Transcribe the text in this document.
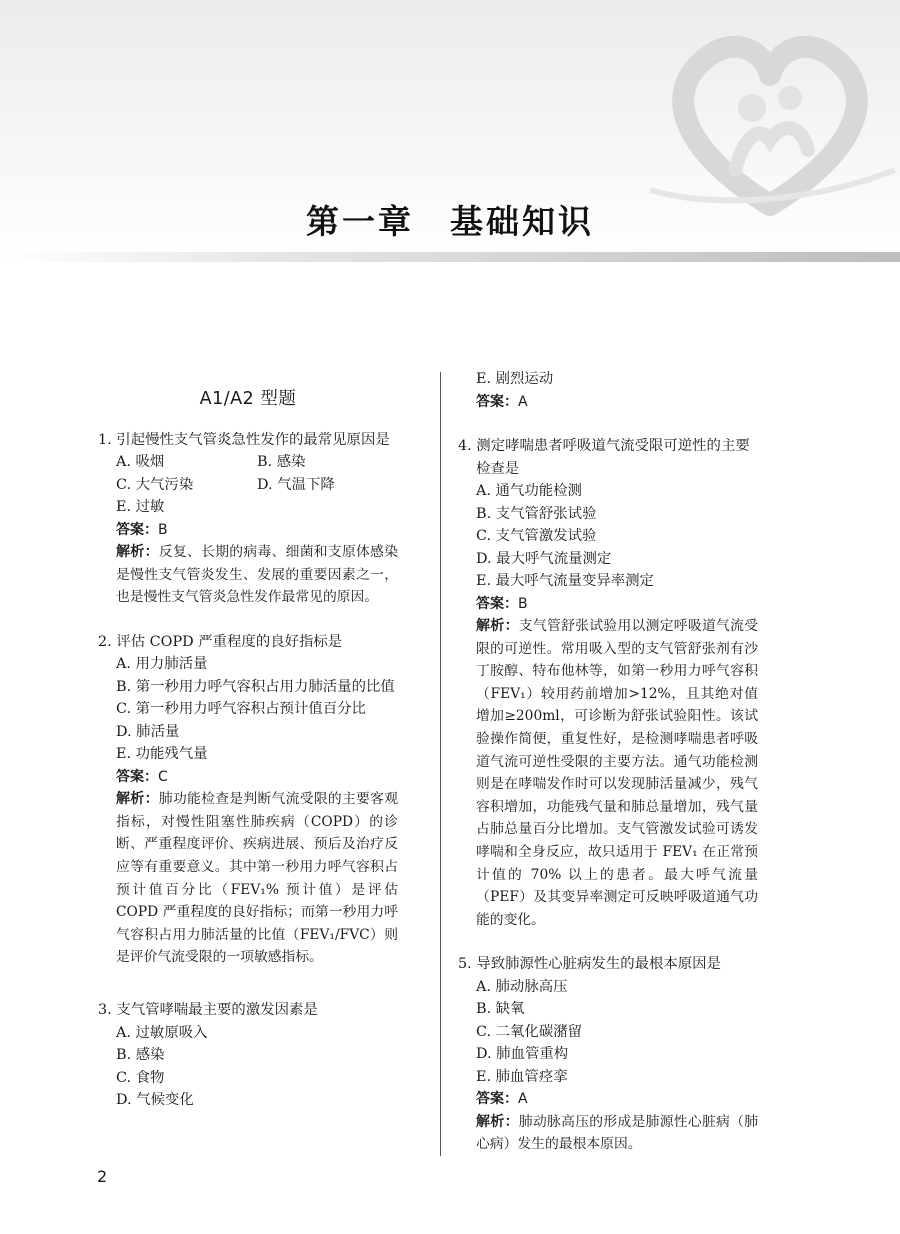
第一章　基础知识
A1/A2 型题
1. 引起慢性支气管炎急性发作的最常见原因是
A. 吸烟	B. 感染
C. 大气污染	D. 气温下降
E. 过敏
答案：B
解析：反复、长期的病毒、细菌和支原体感染是慢性支气管炎发生、发展的重要因素之一，也是慢性支气管炎急性发作最常见的原因。
2. 评估 COPD 严重程度的良好指标是
A. 用力肺活量
B. 第一秒用力呼气容积占用力肺活量的比值
C. 第一秒用力呼气容积占预计值百分比
D. 肺活量
E. 功能残气量
答案：C
解析：肺功能检查是判断气流受限的主要客观指标，对慢性阻塞性肺疾病（COPD）的诊断、严重程度评价、疾病进展、预后及治疗反应等有重要意义。其中第一秒用力呼气容积占预计值百分比（FEV₁% 预计值）是评估 COPD 严重程度的良好指标；而第一秒用力呼气容积占用力肺活量的比值（FEV₁/FVC）则是评价气流受限的一项敏感指标。
3. 支气管哮喘最主要的激发因素是
A. 过敏原吸入
B. 感染
C. 食物
D. 气候变化
E. 剧烈运动
答案：A
4. 测定哮喘患者呼吸道气流受限可逆性的主要检查是
A. 通气功能检测
B. 支气管舒张试验
C. 支气管激发试验
D. 最大呼气流量测定
E. 最大呼气流量变异率测定
答案：B
解析：支气管舒张试验用以测定呼吸道气流受限的可逆性。常用吸入型的支气管舒张剂有沙丁胺醇、特布他林等，如第一秒用力呼气容积（FEV₁）较用药前增加>12%，且其绝对值增加≥200ml，可诊断为舒张试验阳性。该试验操作简便，重复性好，是检测哮喘患者呼吸道气流可逆性受限的主要方法。通气功能检测则是在哮喘发作时可以发现肺活量减少，残气容积增加，功能残气量和肺总量增加，残气量占肺总量百分比增加。支气管激发试验可诱发哮喘和全身反应，故只适用于 FEV₁ 在正常预计值的 70% 以上的患者。最大呼气流量（PEF）及其变异率测定可反映呼吸道通气功能的变化。
5. 导致肺源性心脏病发生的最根本原因是
A. 肺动脉高压
B. 缺氧
C. 二氧化碳潴留
D. 肺血管重构
E. 肺血管痉挛
答案：A
解析：肺动脉高压的形成是肺源性心脏病（肺心病）发生的最根本原因。
2
